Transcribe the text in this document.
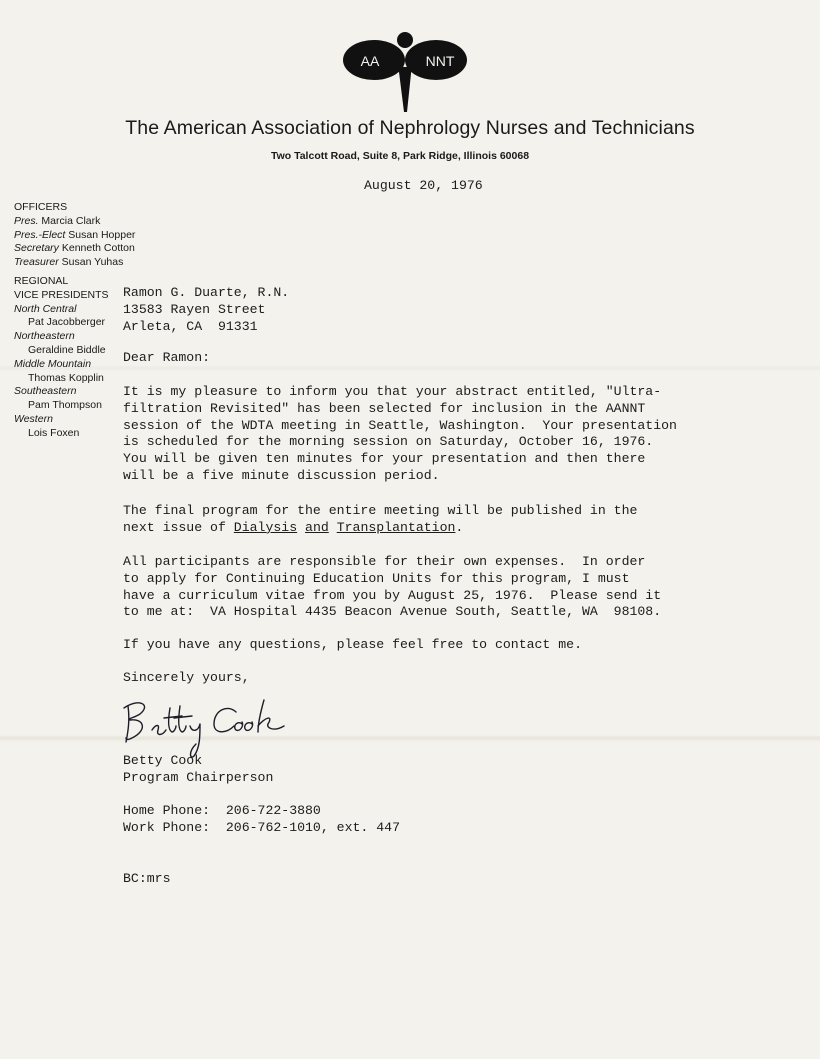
AA	NNT
The American Association of Nephrology Nurses and Technicians
Two Talcott Road, Suite 8, Park Ridge, Illinois 60068
OFFICERS
Pres. Marcia Clark
Pres.-Elect Susan Hopper
Secretary Kenneth Cotton
Treasurer Susan Yuhas
REGIONAL
VICE PRESIDENTS
North Central
Pat Jacobberger
Northeastern
Geraldine Biddle
Middle Mountain
Thomas Kopplin
Southeastern
Pam Thompson
Western
Lois Foxen
August 20, 1976
Ramon G. Duarte, R.N.
13583 Rayen Street
Arleta, CA  91331
Dear Ramon:
It is my pleasure to inform you that your abstract entitled, "Ultra-
filtration Revisited" has been selected for inclusion in the AANNT
session of the WDTA meeting in Seattle, Washington.  Your presentation
is scheduled for the morning session on Saturday, October 16, 1976.
You will be given ten minutes for your presentation and then there
will be a five minute discussion period.
The final program for the entire meeting will be published in the
next issue of Dialysis and Transplantation.
All participants are responsible for their own expenses.  In order
to apply for Continuing Education Units for this program, I must
have a curriculum vitae from you by August 25, 1976.  Please send it
to me at:  VA Hospital 4435 Beacon Avenue South, Seattle, WA  98108.
If you have any questions, please feel free to contact me.
Sincerely yours,
Betty Cook
Program Chairperson
Home Phone:  206-722-3880
Work Phone:  206-762-1010, ext. 447
BC:mrs
